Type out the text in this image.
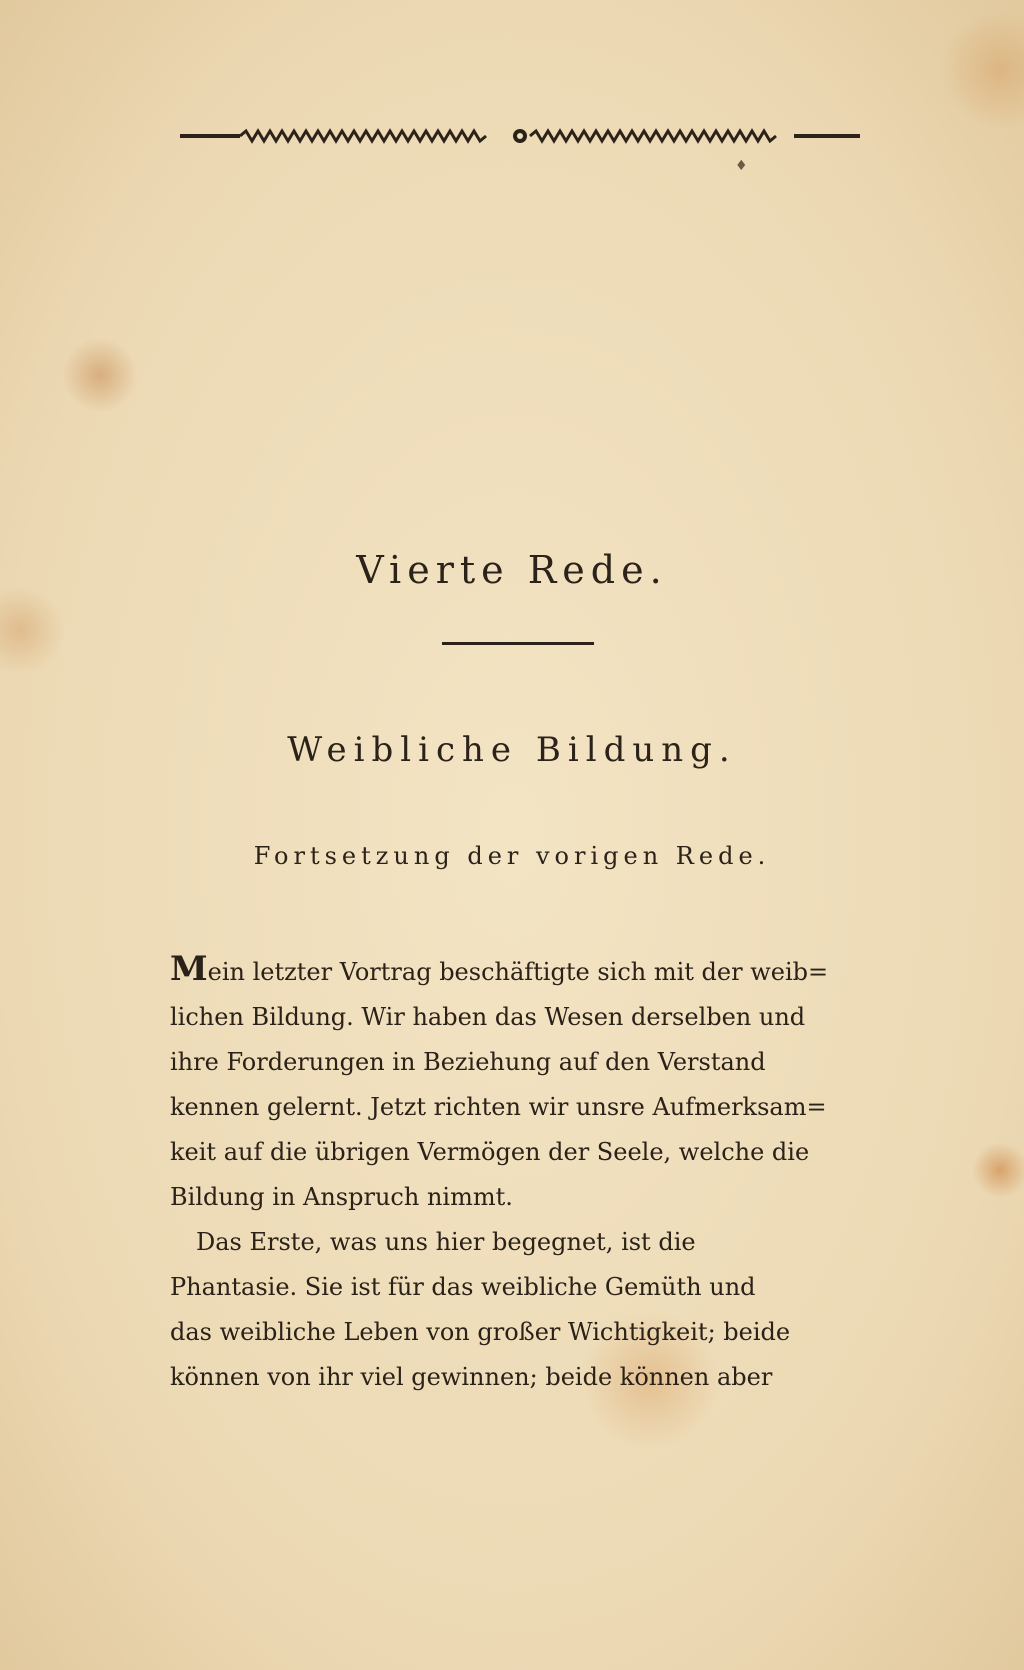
♦
Vierte Rede.
Weibliche Bildung.
Fortsetzung der vorigen Rede.

Mein letzter Vortrag beschäftigte sich mit der weib=
lichen Bildung. Wir haben das Wesen derselben und
ihre Forderungen in Beziehung auf den Verstand
kennen gelernt. Jetzt richten wir unsre Aufmerksam=
keit auf die übrigen Vermögen der Seele, welche die
Bildung in Anspruch nimmt.

Das Erste, was uns hier begegnet, ist die
Phantasie. Sie ist für das weibliche Gemüth und
das weibliche Leben von großer Wichtigkeit; beide
können von ihr viel gewinnen; beide können aber
